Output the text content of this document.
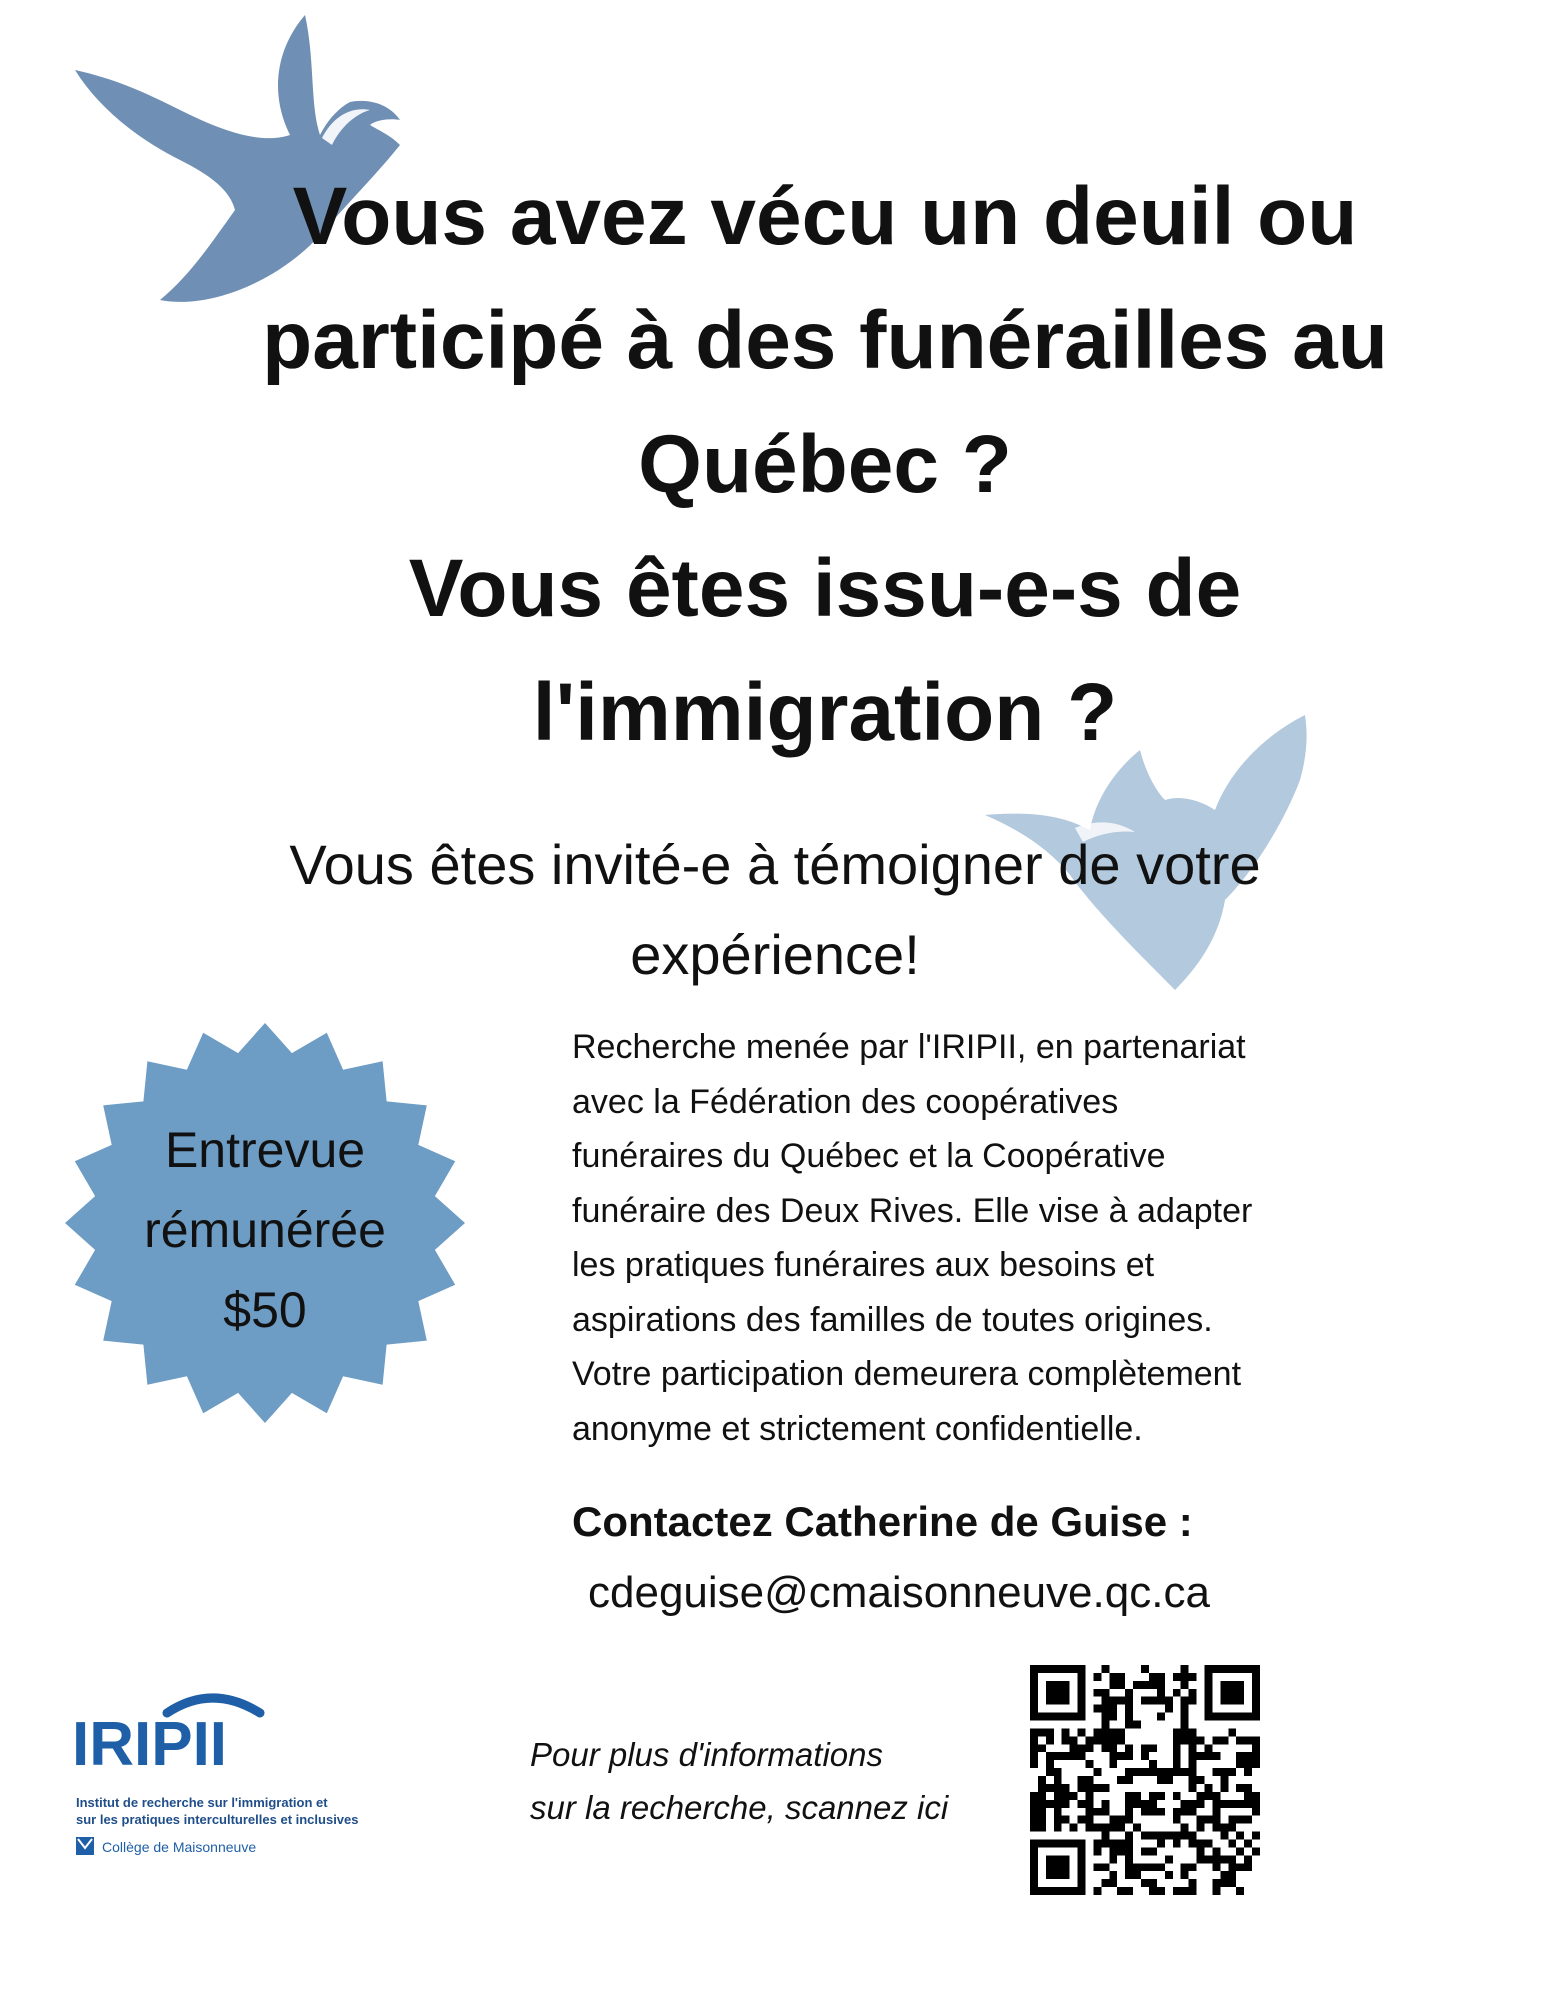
Vous avez vécu un deuil ou
participé à des funérailles au
Québec ?
Vous êtes issu-e-s de
l'immigration ?
Vous êtes invité-e à témoigner de votre
expérience!
Entrevue
rémunérée
$50
Recherche menée par l'IRIPII, en partenariat
avec la Fédération des coopératives
funéraires du Québec et la Coopérative
funéraire des Deux Rives. Elle vise à adapter
les pratiques funéraires aux besoins et
aspirations des familles de toutes origines.
Votre participation demeurera complètement
anonyme et strictement confidentielle.
Contactez Catherine de Guise :
cdeguise@cmaisonneuve.qc.ca
Pour plus d'informations
sur la recherche, scannez ici
IRIPII
Institut de recherche sur l'immigration et
sur les pratiques interculturelles et inclusives
Collège de Maisonneuve
